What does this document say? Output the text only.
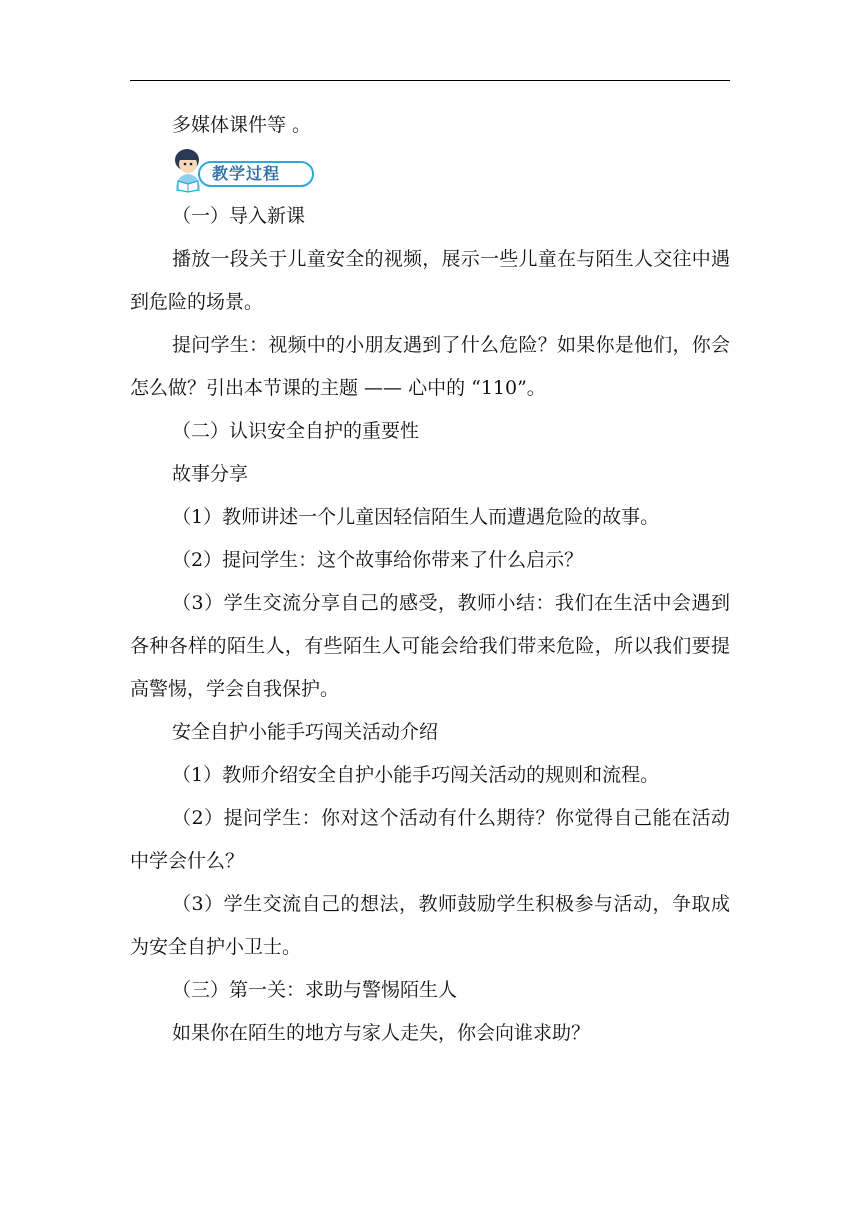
多媒体课件等 。

教学过程

（一）导入新课

播放一段关于儿童安全的视频，展示一些儿童在与陌生人交往中遇到危险的场景。

提问学生：视频中的小朋友遇到了什么危险？如果你是他们，你会怎么做？引出本节课的主题 —— 心中的 “110”。

（二）认识安全自护的重要性

故事分享

（1）教师讲述一个儿童因轻信陌生人而遭遇危险的故事。

（2）提问学生：这个故事给你带来了什么启示？

（3）学生交流分享自己的感受，教师小结：我们在生活中会遇到各种各样的陌生人，有些陌生人可能会给我们带来危险，所以我们要提高警惕，学会自我保护。

安全自护小能手巧闯关活动介绍

（1）教师介绍安全自护小能手巧闯关活动的规则和流程。

（2）提问学生：你对这个活动有什么期待？你觉得自己能在活动中学会什么？

（3）学生交流自己的想法，教师鼓励学生积极参与活动，争取成为安全自护小卫士。

（三）第一关：求助与警惕陌生人

如果你在陌生的地方与家人走失，你会向谁求助？
